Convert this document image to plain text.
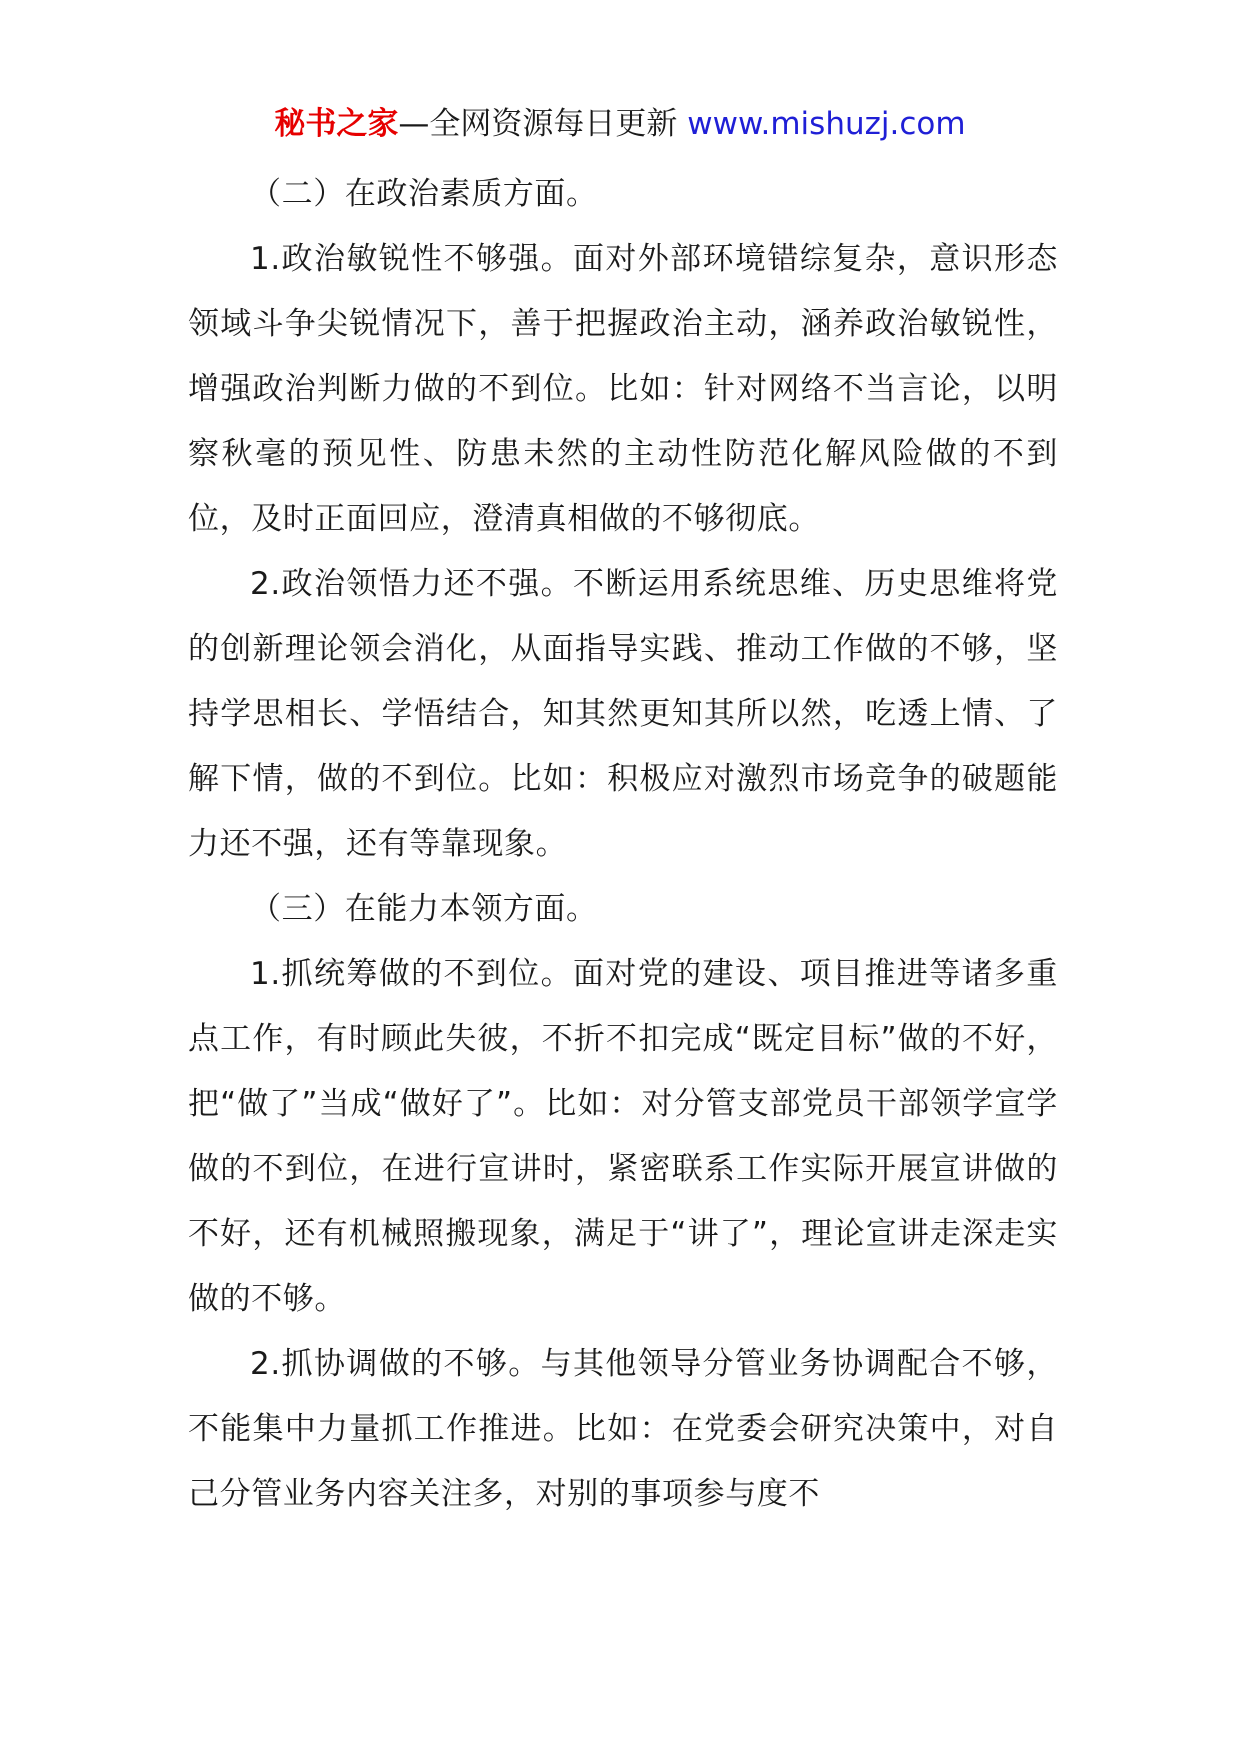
秘书之家—全网资源每日更新 www.mishuzj.com

（二）在政治素质方面。

1.政治敏锐性不够强。面对外部环境错综复杂，意识形态领域斗争尖锐情况下，善于把握政治主动，涵养政治敏锐性，增强政治判断力做的不到位。比如：针对网络不当言论，以明察秋毫的预见性、防患未然的主动性防范化解风险做的不到位，及时正面回应，澄清真相做的不够彻底。

2.政治领悟力还不强。不断运用系统思维、历史思维将党的创新理论领会消化，从面指导实践、推动工作做的不够，坚持学思相长、学悟结合，知其然更知其所以然，吃透上情、了解下情，做的不到位。比如：积极应对激烈市场竞争的破题能力还不强，还有等靠现象。

（三）在能力本领方面。

1.抓统筹做的不到位。面对党的建设、项目推进等诸多重点工作，有时顾此失彼，不折不扣完成“既定目标”做的不好，把“做了”当成“做好了”。比如：对分管支部党员干部领学宣学做的不到位，在进行宣讲时，紧密联系工作实际开展宣讲做的不好，还有机械照搬现象，满足于“讲了”，理论宣讲走深走实做的不够。

2.抓协调做的不够。与其他领导分管业务协调配合不够，不能集中力量抓工作推进。比如：在党委会研究决策中，对自己分管业务内容关注多，对别的事项参与度不
